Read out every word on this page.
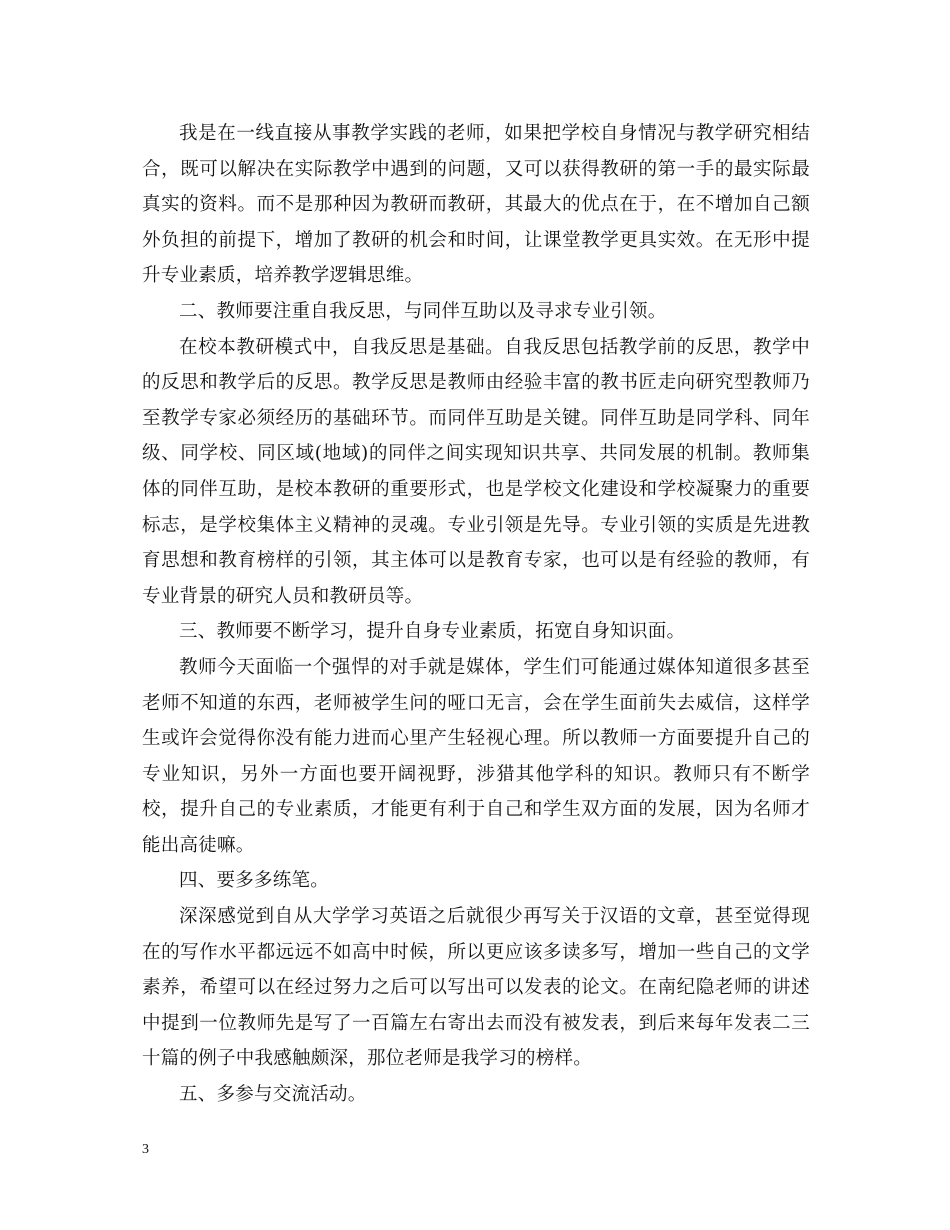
我是在一线直接从事教学实践的老师，如果把学校自身情况与教学研究相结合，既可以解决在实际教学中遇到的问题，又可以获得教研的第一手的最实际最真实的资料。而不是那种因为教研而教研，其最大的优点在于，在不增加自己额外负担的前提下，增加了教研的机会和时间，让课堂教学更具实效。在无形中提升专业素质，培养教学逻辑思维。

二、教师要注重自我反思，与同伴互助以及寻求专业引领。

在校本教研模式中，自我反思是基础。自我反思包括教学前的反思，教学中的反思和教学后的反思。教学反思是教师由经验丰富的教书匠走向研究型教师乃至教学专家必须经历的基础环节。而同伴互助是关键。同伴互助是同学科、同年级、同学校、同区域(地域)的同伴之间实现知识共享、共同发展的机制。教师集体的同伴互助，是校本教研的重要形式，也是学校文化建设和学校凝聚力的重要标志，是学校集体主义精神的灵魂。专业引领是先导。专业引领的实质是先进教育思想和教育榜样的引领，其主体可以是教育专家，也可以是有经验的教师，有专业背景的研究人员和教研员等。

三、教师要不断学习，提升自身专业素质，拓宽自身知识面。

教师今天面临一个强悍的对手就是媒体，学生们可能通过媒体知道很多甚至老师不知道的东西，老师被学生问的哑口无言，会在学生面前失去威信，这样学生或许会觉得你没有能力进而心里产生轻视心理。所以教师一方面要提升自己的专业知识，另外一方面也要开阔视野，涉猎其他学科的知识。教师只有不断学校，提升自己的专业素质，才能更有利于自己和学生双方面的发展，因为名师才能出高徒嘛。

四、要多多练笔。

深深感觉到自从大学学习英语之后就很少再写关于汉语的文章，甚至觉得现在的写作水平都远远不如高中时候，所以更应该多读多写，增加一些自己的文学素养，希望可以在经过努力之后可以写出可以发表的论文。在南纪隐老师的讲述中提到一位教师先是写了一百篇左右寄出去而没有被发表，到后来每年发表二三十篇的例子中我感触颇深，那位老师是我学习的榜样。

五、多参与交流活动。

3
